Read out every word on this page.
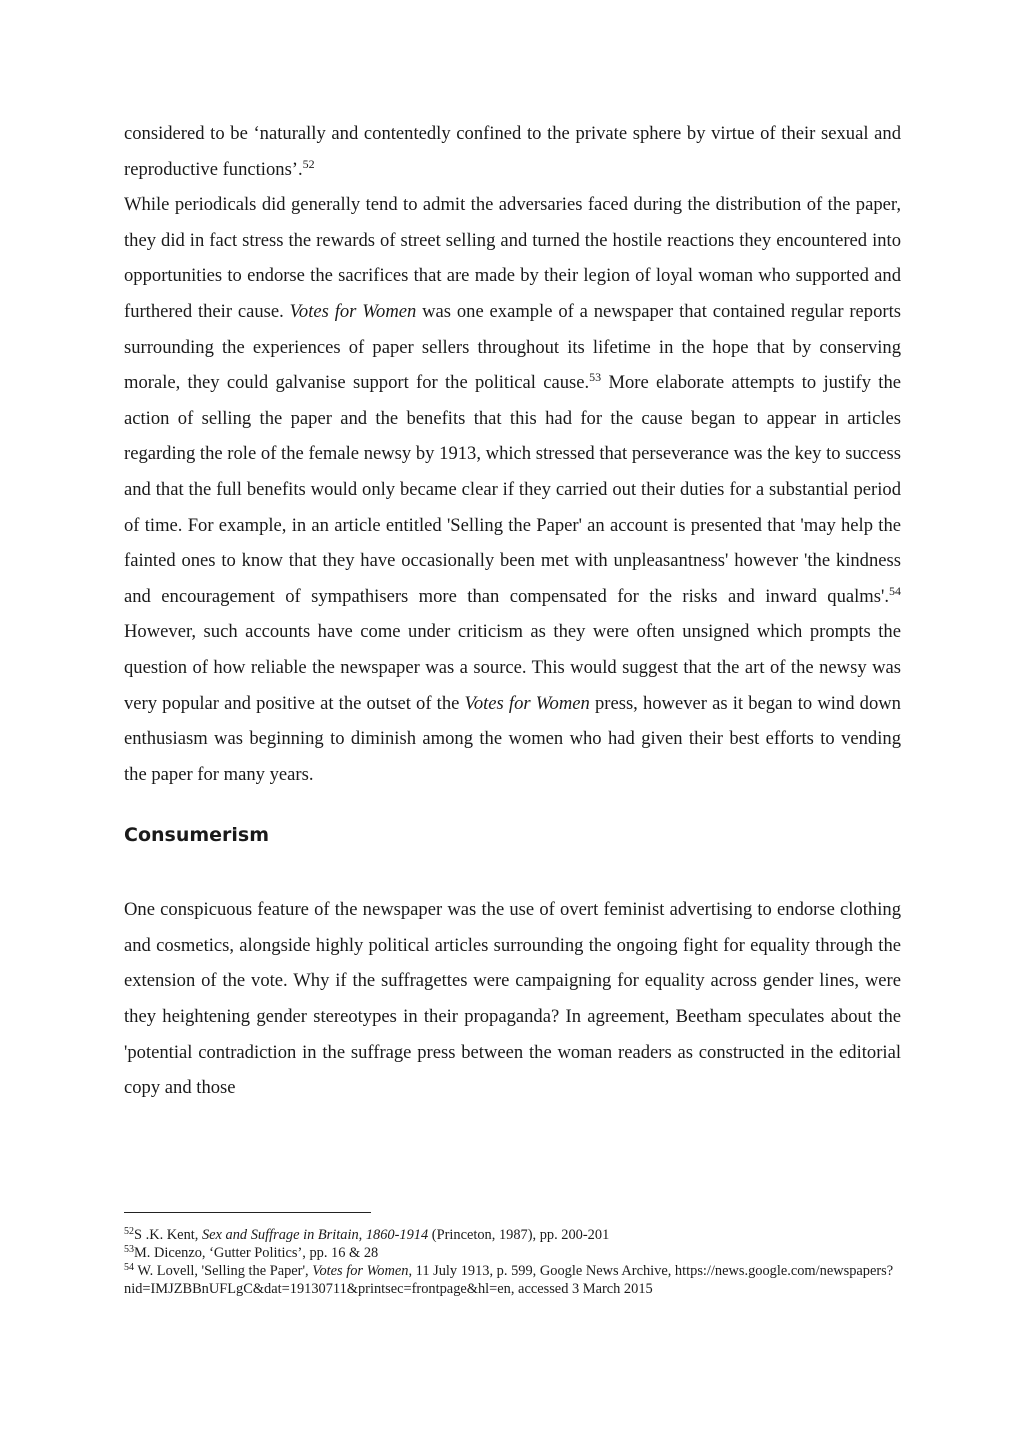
considered to be ‘naturally and contentedly confined to the private sphere by virtue of their sexual and reproductive functions’.$^{52}$

While periodicals did generally tend to admit the adversaries faced during the distribution of the paper, they did in fact stress the rewards of street selling and turned the hostile reactions they encountered into opportunities to endorse the sacrifices that are made by their legion of loyal woman who supported and furthered their cause. Votes for Women was one example of a newspaper that contained regular reports surrounding the experiences of paper sellers throughout its lifetime in the hope that by conserving morale, they could galvanise support for the political cause.$^{53}$ More elaborate attempts to justify the action of selling the paper and the benefits that this had for the cause began to appear in articles regarding the role of the female newsy by 1913, which stressed that perseverance was the key to success and that the full benefits would only became clear if they carried out their duties for a substantial period of time. For example, in an article entitled 'Selling the Paper' an account is presented that 'may help the fainted ones to know that they have occasionally been met with unpleasantness' however 'the kindness and encouragement of sympathisers more than compensated for the risks and inward qualms'.$^{54}$ However, such accounts have come under criticism as they were often unsigned which prompts the question of how reliable the newspaper was a source. This would suggest that the art of the newsy was very popular and positive at the outset of the Votes for Women press, however as it began to wind down enthusiasm was beginning to diminish among the women who had given their best efforts to vending the paper for many years.

Consumerism

One conspicuous feature of the newspaper was the use of overt feminist advertising to endorse clothing and cosmetics, alongside highly political articles surrounding the ongoing fight for equality through the extension of the vote. Why if the suffragettes were campaigning for equality across gender lines, were they heightening gender stereotypes in their propaganda? In agreement, Beetham speculates about the 'potential contradiction in the suffrage press between the woman readers as constructed in the editorial copy and those

$^{52}$S .K. Kent, Sex and Suffrage in Britain, 1860-1914 (Princeton, 1987), pp. 200-201
$^{53}$M. Dicenzo, ‘Gutter Politics’, pp. 16 & 28
$^{54}$ W. Lovell, 'Selling the Paper', Votes for Women, 11 July 1913, p. 599, Google News Archive, https://news.google.com/newspapers?nid=IMJZBBnUFLgC&dat=19130711&printsec=frontpage&hl=en, accessed 3 March 2015
